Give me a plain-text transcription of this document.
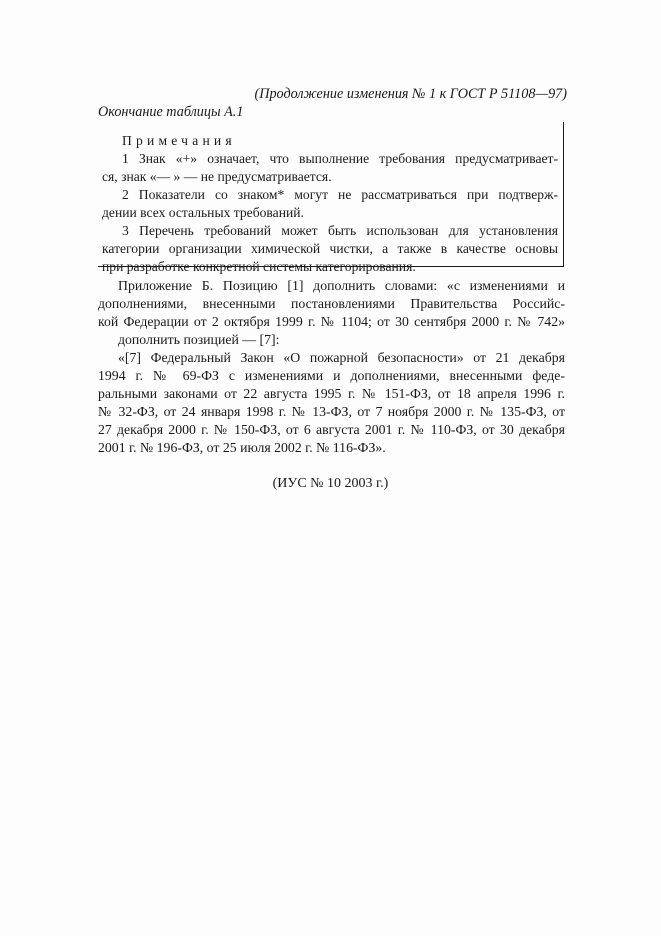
(Продолжение изменения № 1 к ГОСТ Р 51108—97)
Окончание таблицы А.1
Примечания
1 Знак «+» означает, что выполнение требования предусматривает-
ся, знак «— » — не предусматривается.
2 Показатели со знаком* могут не рассматриваться при подтверж-
дении всех остальных требований.
3 Перечень требований может быть использован для установления
категории организации химической чистки, а также в качестве основы
при разработке конкретной системы категорирования.
Приложение Б. Позицию [1] дополнить словами: «с изменениями и
дополнениями, внесенными постановлениями Правительства Российс-
кой Федерации от 2 октября 1999 г. № 1104; от 30 сентября 2000 г. № 742»
дополнить позицией — [7]:
«[7] Федеральный Закон «О пожарной безопасности» от 21 декабря
1994 г. № 69-ФЗ с изменениями и дополнениями, внесенными феде-
ральными законами от 22 августа 1995 г. № 151-ФЗ, от 18 апреля 1996 г.
№ 32-ФЗ, от 24 января 1998 г. № 13-ФЗ, от 7 ноября 2000 г. № 135-ФЗ, от
27 декабря 2000 г. № 150-ФЗ, от 6 августа 2001 г. № 110-ФЗ, от 30 декабря
2001 г. № 196-ФЗ, от 25 июля 2002 г. № 116-ФЗ».
(ИУС № 10 2003 г.)
